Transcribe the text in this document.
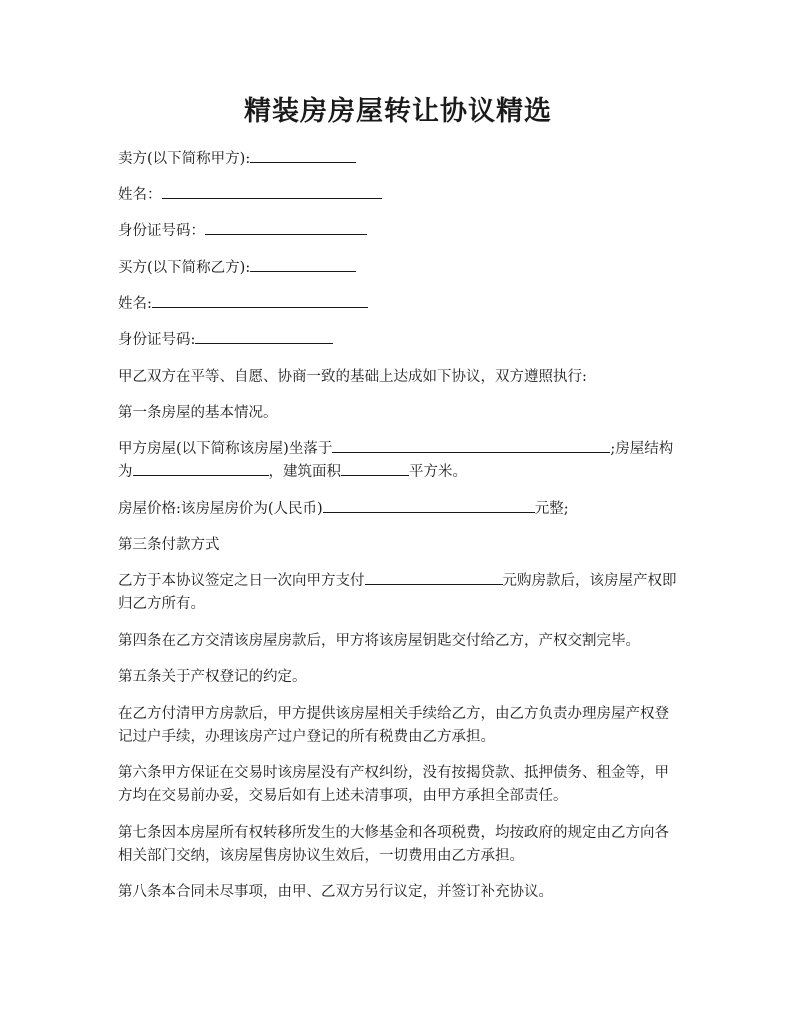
精装房房屋转让协议精选

卖方(以下简称甲方):

姓名：

身份证号码：

买方(以下简称乙方):

姓名:

身份证号码:

甲乙双方在平等、自愿、协商一致的基础上达成如下协议，双方遵照执行:

第一条房屋的基本情况。

甲方房屋(以下简称该房屋)坐落于	;房屋结构为	，建筑面积	平方米。

房屋价格:该房屋房价为(人民币)	元整;

第三条付款方式

乙方于本协议签定之日一次向甲方支付	元购房款后，该房屋产权即归乙方所有。

第四条在乙方交清该房屋房款后，甲方将该房屋钥匙交付给乙方，产权交割完毕。

第五条关于产权登记的约定。

在乙方付清甲方房款后，甲方提供该房屋相关手续给乙方，由乙方负责办理房屋产权登记过户手续，办理该房产过户登记的所有税费由乙方承担。

第六条甲方保证在交易时该房屋没有产权纠纷，没有按揭贷款、抵押债务、租金等，甲方均在交易前办妥，交易后如有上述未清事项，由甲方承担全部责任。

第七条因本房屋所有权转移所发生的大修基金和各项税费，均按政府的规定由乙方向各相关部门交纳，该房屋售房协议生效后，一切费用由乙方承担。

第八条本合同未尽事项，由甲、乙双方另行议定，并签订补充协议。
